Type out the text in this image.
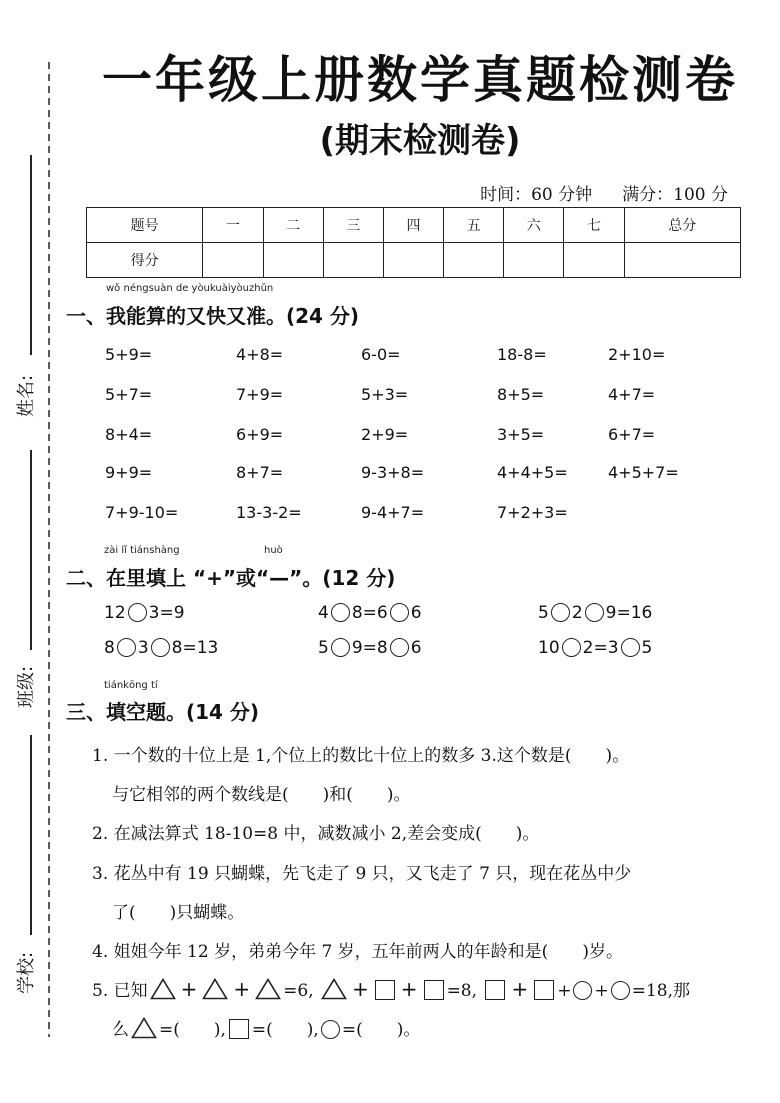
姓名:
班级:
学校:
一年级上册数学真题检测卷
(期末检测卷)
时间：60 分钟 满分：100 分
题号	一	二	三	四	五	六	七	总分
得分								
wǒ néngsuàn de yòukuàiyòuzhǔn
一、我能算的又快又准。(24 分)
5+9=	4+8=	6-0=	18-8=	2+10=
5+7=	7+9=	5+3=	8+5=	4+7=
8+4=	6+9=	2+9=	3+5=	6+7=
9+9=	8+7=	9-3+8=	4+4+5=	4+5+7=
7+9-10=	13-3-2=	9-4+7=	7+2+3=
zài lǐ tiánshàng	huò
二、在里填上 “+”或“—”。(12 分)
12 3=9	4 8=6 6	5 2 9=16
8 3 8=13	5 9=8 6	10 2=3 5
tiánkōng tí
三、填空题。(14 分)
1. 一个数的十位上是 1,个位上的数比十位上的数多 3.这个数是(　　)。
与它相邻的两个数线是(　　)和(　　)。
2. 在减法算式 18-10=8 中，减数减小 2,差会变成(　　)。
3. 花丛中有 19 只蝴蝶，先飞走了 9 只，又飞走了 7 只，现在花丛中少
了(　　)只蝴蝶。
4. 姐姐今年 12 岁，弟弟今年 7 岁，五年前两人的年龄和是(　　)岁。
5. 已知 + + =6, + + =8, + + + =18,那
么 =(　　), =(　　), =(　　)。
